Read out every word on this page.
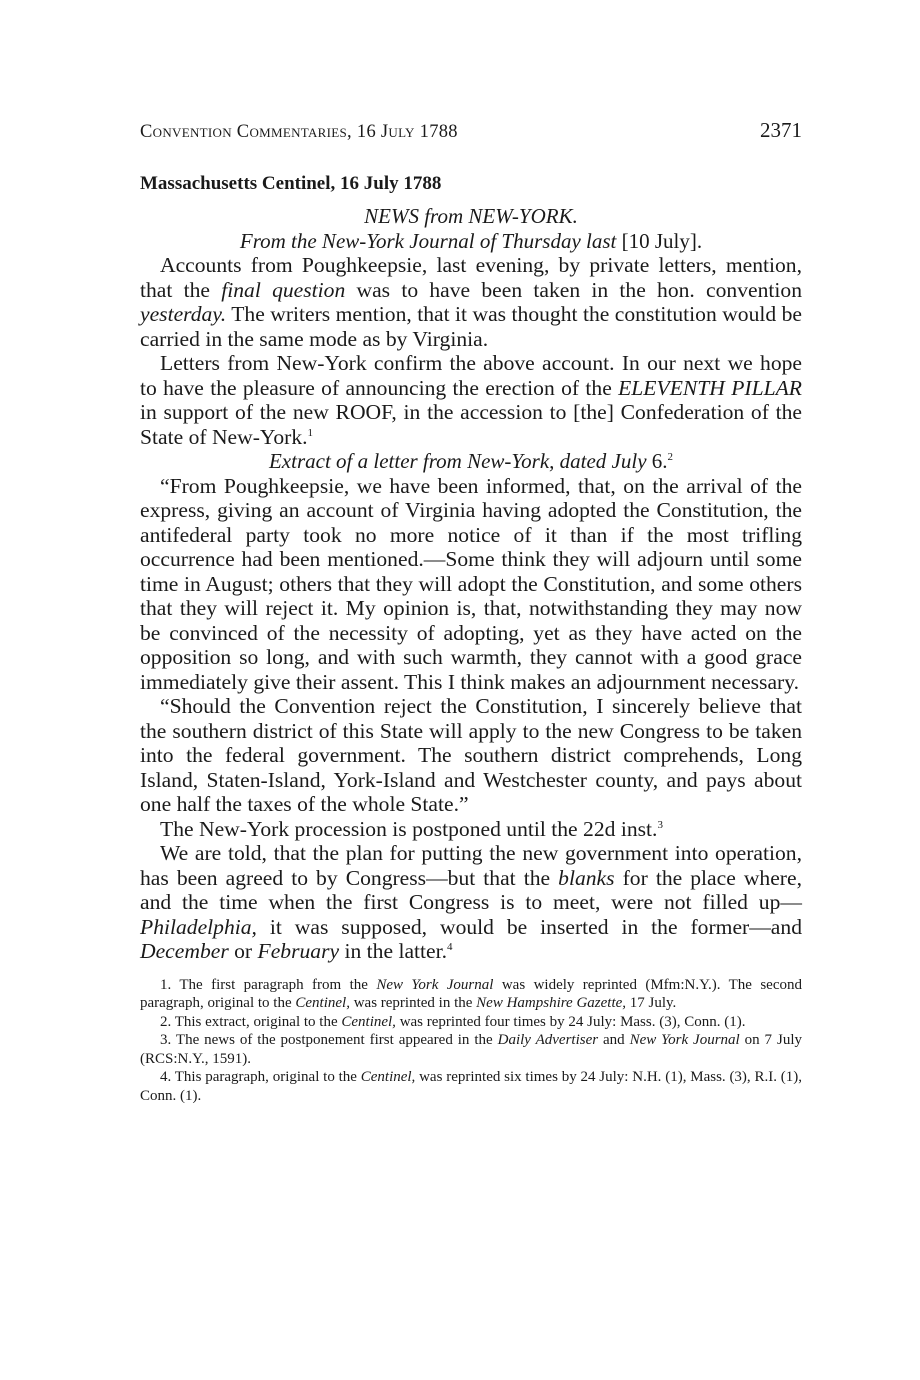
Convention Commentaries, 16 July 1788	2371
Massachusetts Centinel, 16 July 1788
NEWS from NEW-YORK.
From the New-York Journal of Thursday last [10 July].

Accounts from Poughkeepsie, last evening, by private letters, mention, that the final question was to have been taken in the hon. convention yesterday. The writers mention, that it was thought the constitution would be carried in the same mode as by Virginia.

Letters from New-York confirm the above account. In our next we hope to have the pleasure of announcing the erection of the ELEVENTH PILLAR in support of the new ROOF, in the accession to [the] Confederation of the State of New-York.$^1$

Extract of a letter from New-York, dated July 6.$^2$

“From Poughkeepsie, we have been informed, that, on the arrival of the express, giving an account of Virginia having adopted the Constitution, the antifederal party took no more notice of it than if the most trifling occurrence had been mentioned.—Some think they will adjourn until some time in August; others that they will adopt the Constitution, and some others that they will reject it. My opinion is, that, notwithstanding they may now be convinced of the necessity of adopting, yet as they have acted on the opposition so long, and with such warmth, they cannot with a good grace immediately give their assent. This I think makes an adjournment necessary.

“Should the Convention reject the Constitution, I sincerely believe that the southern district of this State will apply to the new Congress to be taken into the federal government. The southern district comprehends, Long Island, Staten-Island, York-Island and Westchester county, and pays about one half the taxes of the whole State.”

The New-York procession is postponed until the 22d inst.$^3$

We are told, that the plan for putting the new government into operation, has been agreed to by Congress—but that the blanks for the place where, and the time when the first Congress is to meet, were not filled up—Philadelphia, it was supposed, would be inserted in the former—and December or February in the latter.$^4$

1. The first paragraph from the New York Journal was widely reprinted (Mfm:N.Y.). The second paragraph, original to the Centinel, was reprinted in the New Hampshire Gazette, 17 July.

2. This extract, original to the Centinel, was reprinted four times by 24 July: Mass. (3), Conn. (1).

3. The news of the postponement first appeared in the Daily Advertiser and New York Journal on 7 July (RCS:N.Y., 1591).

4. This paragraph, original to the Centinel, was reprinted six times by 24 July: N.H. (1), Mass. (3), R.I. (1), Conn. (1).
